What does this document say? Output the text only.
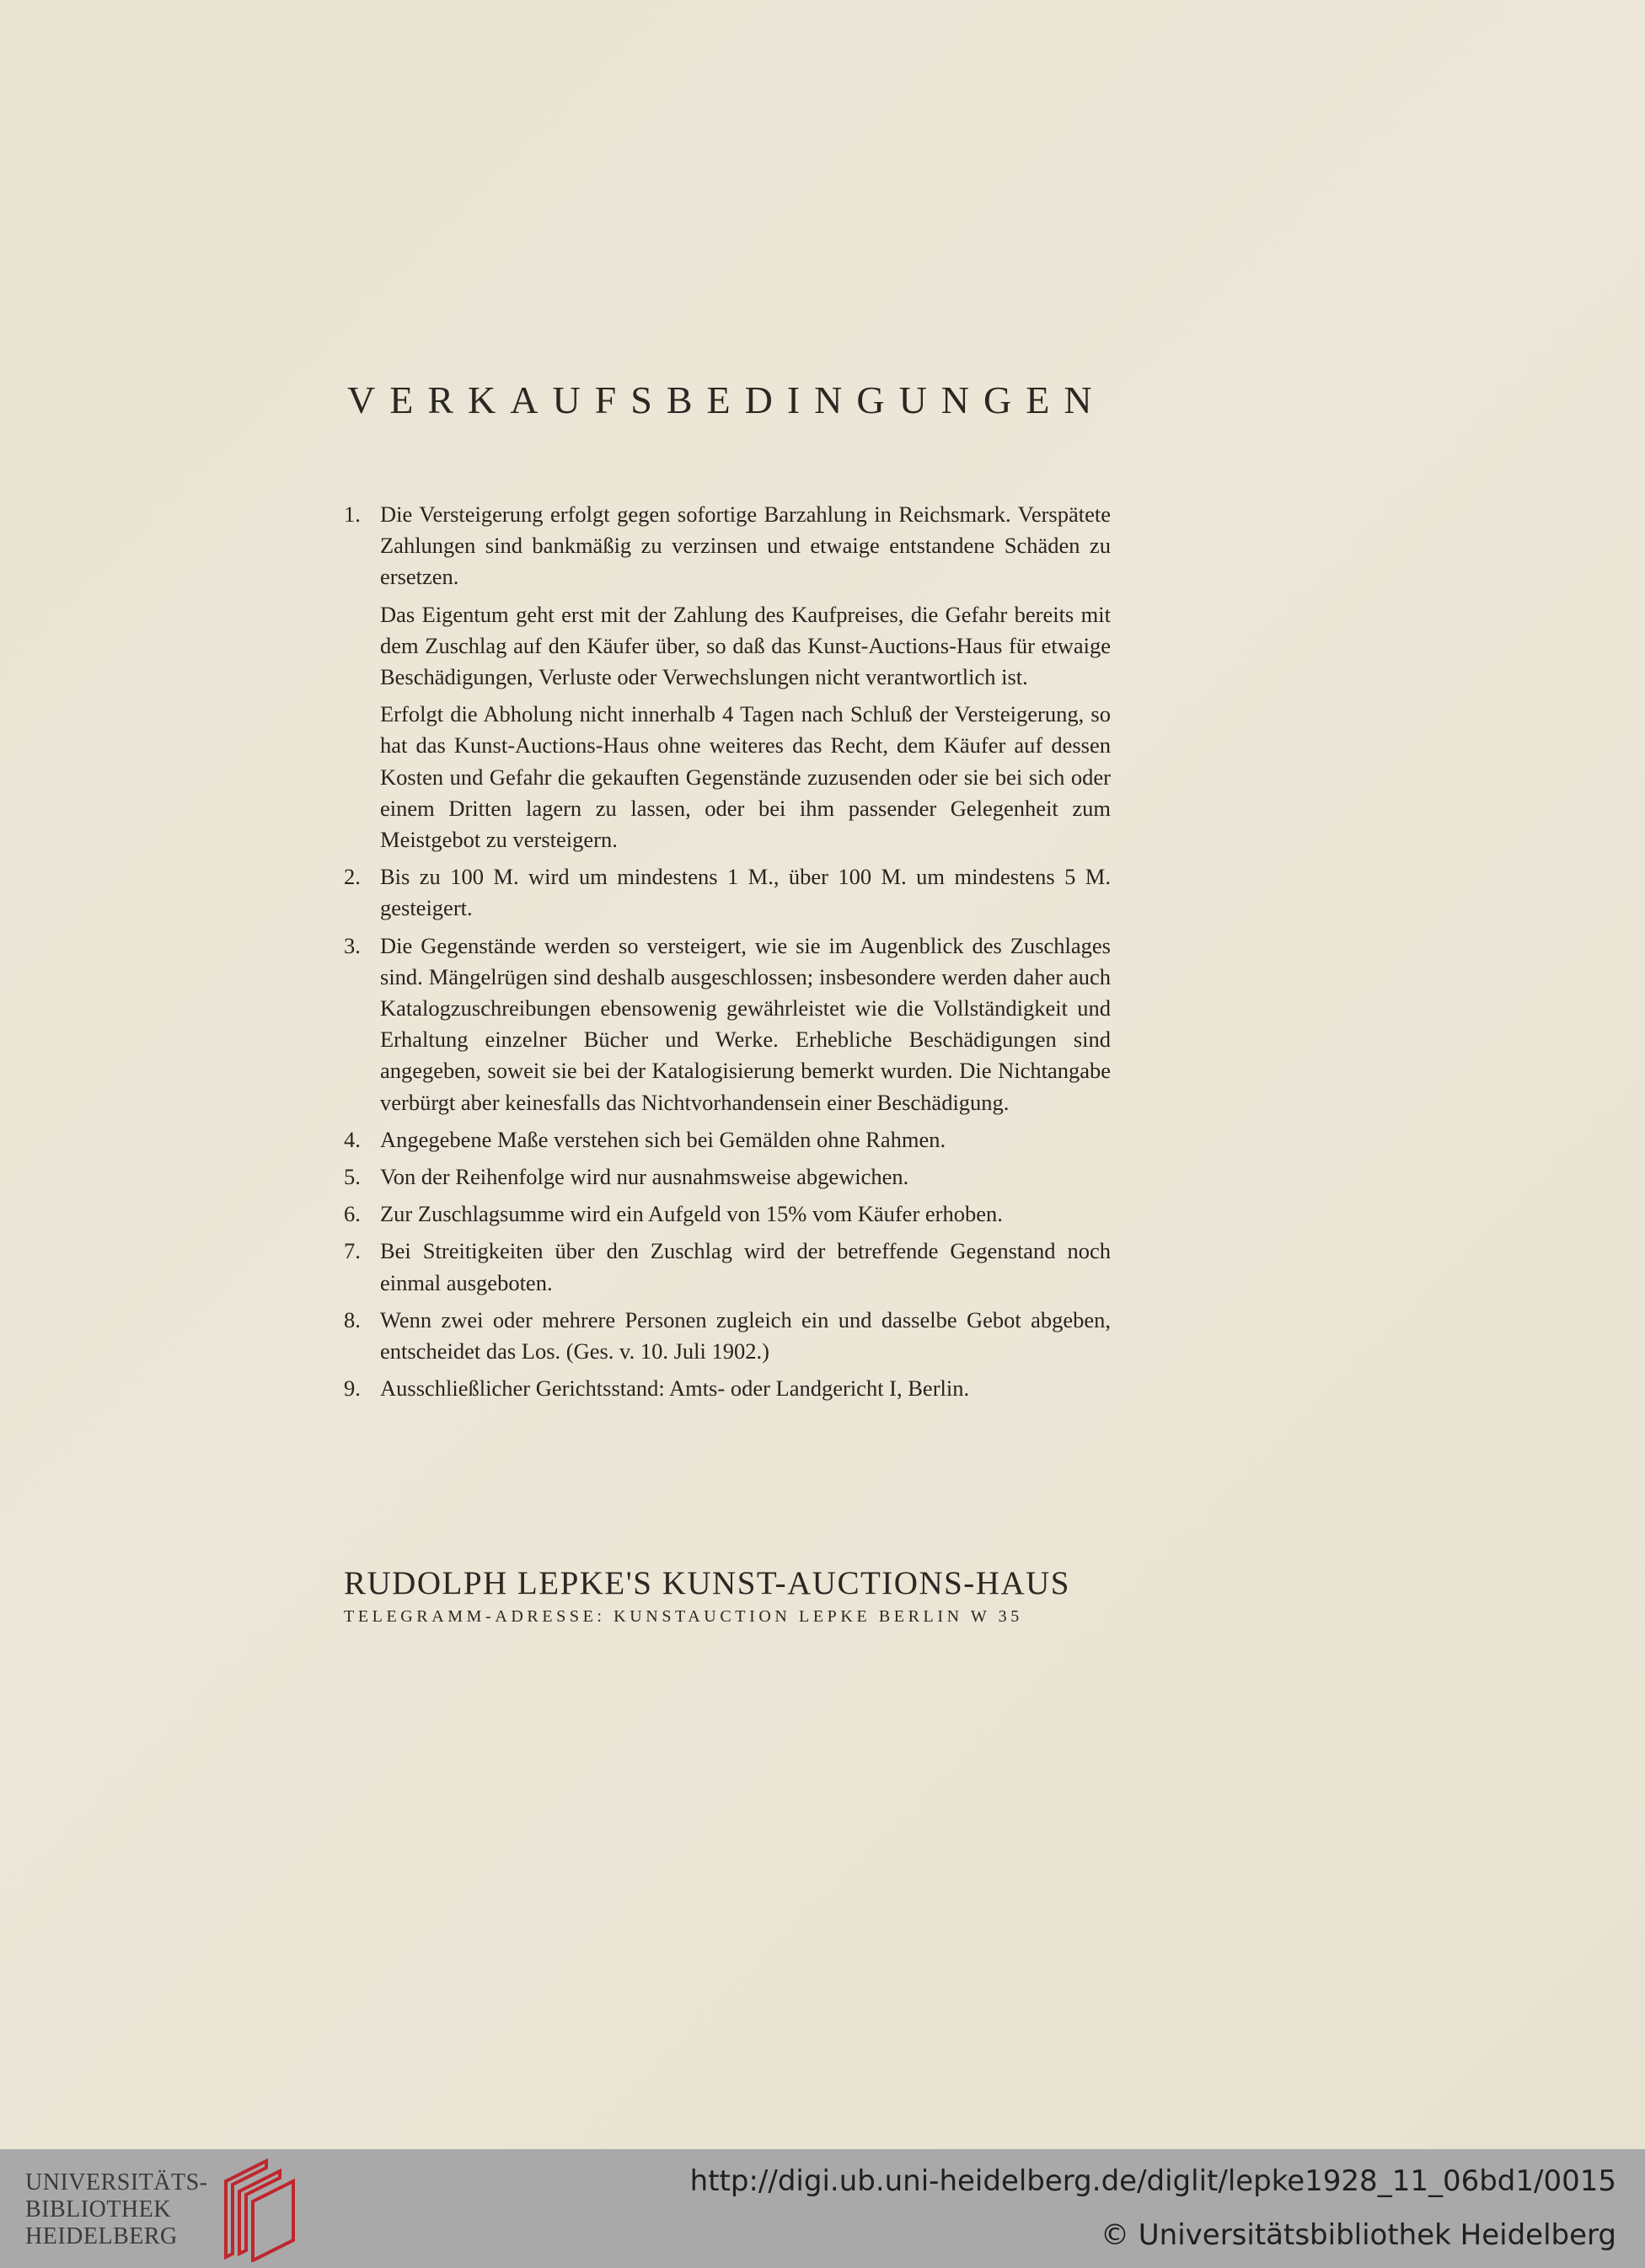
VERKAUFSBEDINGUNGEN
1. Die Versteigerung erfolgt gegen sofortige Barzahlung in Reichsmark. Verspätete Zahlungen sind bankmäßig zu verzinsen und etwaige entstandene Schäden zu ersetzen.

Das Eigentum geht erst mit der Zahlung des Kaufpreises, die Gefahr bereits mit dem Zuschlag auf den Käufer über, so daß das Kunst-Auctions-Haus für etwaige Beschädigungen, Verluste oder Verwechslungen nicht verantwortlich ist.

Erfolgt die Abholung nicht innerhalb 4 Tagen nach Schluß der Versteigerung, so hat das Kunst-Auctions-Haus ohne weiteres das Recht, dem Käufer auf dessen Kosten und Gefahr die gekauften Gegenstände zuzusenden oder sie bei sich oder einem Dritten lagern zu lassen, oder bei ihm passender Gelegenheit zum Meistgebot zu versteigern.

2. Bis zu 100 M. wird um mindestens 1 M., über 100 M. um mindestens 5 M. gesteigert.

3. Die Gegenstände werden so versteigert, wie sie im Augenblick des Zuschlages sind. Mängelrügen sind deshalb ausgeschlossen; insbesondere werden daher auch Katalogzuschreibungen ebensowenig gewährleistet wie die Vollständigkeit und Erhaltung einzelner Bücher und Werke. Erhebliche Beschädigungen sind angegeben, soweit sie bei der Katalogisierung bemerkt wurden. Die Nichtangabe verbürgt aber keinesfalls das Nichtvorhandensein einer Beschädigung.

4. Angegebene Maße verstehen sich bei Gemälden ohne Rahmen.

5. Von der Reihenfolge wird nur ausnahmsweise abgewichen.

6. Zur Zuschlagsumme wird ein Aufgeld von 15% vom Käufer erhoben.

7. Bei Streitigkeiten über den Zuschlag wird der betreffende Gegenstand noch einmal ausgeboten.

8. Wenn zwei oder mehrere Personen zugleich ein und dasselbe Gebot abgeben, entscheidet das Los. (Ges. v. 10. Juli 1902.)

9. Ausschließlicher Gerichtsstand: Amts- oder Landgericht I, Berlin.

RUDOLPH LEPKE'S KUNST-AUCTIONS-HAUS
TELEGRAMM-ADRESSE: KUNSTAUCTION LEPKE BERLIN W 35
UNIVERSITÄTS-
BIBLIOTHEK
HEIDELBERG
http://digi.ub.uni-heidelberg.de/diglit/lepke1928_11_06bd1/0015
© Universitätsbibliothek Heidelberg
